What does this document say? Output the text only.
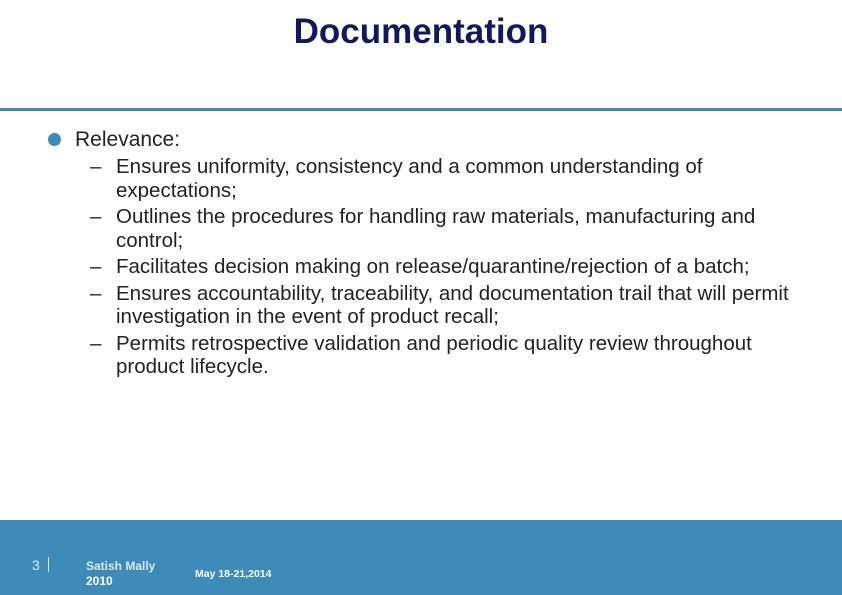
Documentation
Relevance:
– Ensures uniformity, consistency and a common understanding of expectations;
– Outlines the procedures for handling raw materials, manufacturing and control;
– Facilitates decision making on release/quarantine/rejection of a batch;
– Ensures accountability, traceability, and documentation trail that will permit investigation in the event of product recall;
– Permits retrospective validation and periodic quality review throughout product lifecycle.
3	Satish Mally
2010	May 18-21,2014
